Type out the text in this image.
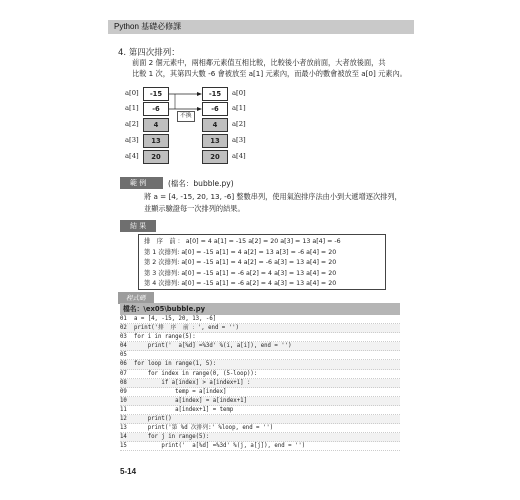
Python 基礎必修課
4. 第四次排列：
前面 2 個元素中，兩相鄰元素值互相比較，比較後小者放前面，大者放後面，共
比較 1 次，其第四大數 -6 會被放至 a[1] 元素內，而最小的數會被放至 a[0] 元素內。
a[0]
a[1]
a[2]
a[3]
a[4]
-15
-6
4
13
20
-15
-6
4
13
20
a[0]
a[1]
a[2]
a[3]
a[4]
不換
範 例	(檔名：bubble.py)
將 a = [4, -15, 20, 13, -6] 整數串列，使用氣泡排序法由小到大遞增逐次排列，
並顯示驗證每一次排列的結果。
結 果
排　序　前 ： a[0] = 4 a[1] = -15 a[2] = 20 a[3] = 13 a[4] = -6
第 1 次排列: a[0] = -15 a[1] = 4 a[2] = 13 a[3] = -6 a[4] = 20
第 2 次排列: a[0] = -15 a[1] = 4 a[2] = -6 a[3] = 13 a[4] = 20
第 3 次排列: a[0] = -15 a[1] = -6 a[2] = 4 a[3] = 13 a[4] = 20
第 4 次排列: a[0] = -15 a[1] = -6 a[2] = 4 a[3] = 13 a[4] = 20
程式碼
檔名：\ex05\bubble.py
01 a = [4, -15, 20, 13, -6]
02 print('排  序  前 ：', end = '')
03 for i in range(5):
04    print('  a[%d] =%3d' %(i, a[i]), end = '')
05
06 for loop in range(1, 5):
07    for index in range(0, (5-loop)):
08        if a[index] > a[index+1] :
09            temp = a[index]
10            a[index] = a[index+1]
11            a[index+1] = temp
12    print()
13    print('第 %d 次排列:' %loop, end = '')
14    for j in range(5):
15        print('  a[%d] =%3d' %(j, a[j]), end = '')
5-14
